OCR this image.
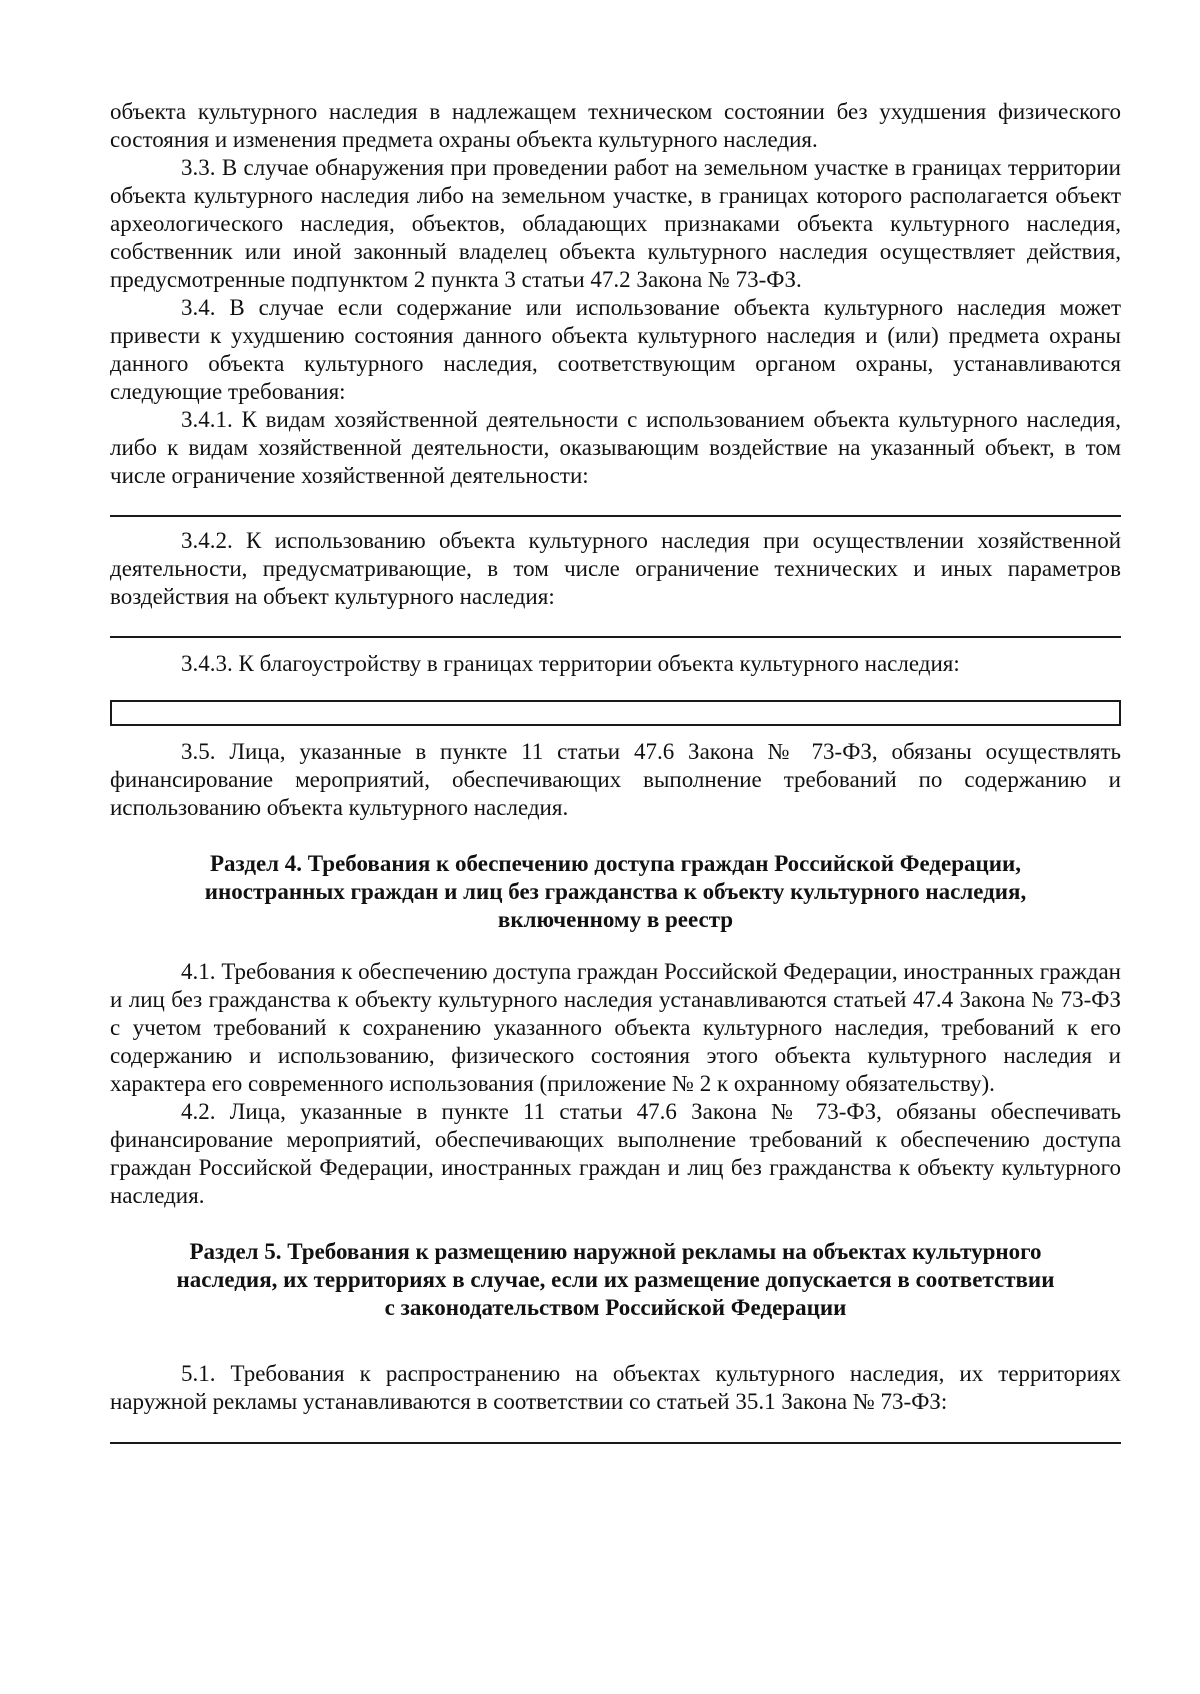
объекта культурного наследия в надлежащем техническом состоянии без ухудшения физического состояния и изменения предмета охраны объекта культурного наследия.

3.3. В случае обнаружения при проведении работ на земельном участке в границах территории объекта культурного наследия либо на земельном участке, в границах которого располагается объект археологического наследия, объектов, обладающих признаками объекта культурного наследия, собственник или иной законный владелец объекта культурного наследия осуществляет действия, предусмотренные подпунктом 2 пункта 3 статьи 47.2 Закона № 73-ФЗ.

3.4. В случае если содержание или использование объекта культурного наследия может привести к ухудшению состояния данного объекта культурного наследия и (или) предмета охраны данного объекта культурного наследия, соответствующим органом охраны, устанавливаются следующие требования:

3.4.1. К видам хозяйственной деятельности с использованием объекта культурного наследия, либо к видам хозяйственной деятельности, оказывающим воздействие на указанный объект, в том числе ограничение хозяйственной деятельности:

3.4.2. К использованию объекта культурного наследия при осуществлении хозяйственной деятельности, предусматривающие, в том числе ограничение технических и иных параметров воздействия на объект культурного наследия:

3.4.3. К благоустройству в границах территории объекта культурного наследия:

3.5. Лица, указанные в пункте 11 статьи 47.6 Закона № 73-ФЗ, обязаны осуществлять финансирование мероприятий, обеспечивающих выполнение требований по содержанию и использованию объекта культурного наследия.

Раздел 4. Требования к обеспечению доступа граждан Российской Федерации, иностранных граждан и лиц без гражданства к объекту культурного наследия, включенному в реестр

4.1. Требования к обеспечению доступа граждан Российской Федерации, иностранных граждан и лиц без гражданства к объекту культурного наследия устанавливаются статьей 47.4 Закона № 73-ФЗ с учетом требований к сохранению указанного объекта культурного наследия, требований к его содержанию и использованию, физического состояния этого объекта культурного наследия и характера его современного использования (приложение № 2 к охранному обязательству).

4.2. Лица, указанные в пункте 11 статьи 47.6 Закона № 73-ФЗ, обязаны обеспечивать финансирование мероприятий, обеспечивающих выполнение требований к обеспечению доступа граждан Российской Федерации, иностранных граждан и лиц без гражданства к объекту культурного наследия.

Раздел 5. Требования к размещению наружной рекламы на объектах культурного наследия, их территориях в случае, если их размещение допускается в соответствии с законодательством Российской Федерации

5.1. Требования к распространению на объектах культурного наследия, их территориях наружной рекламы устанавливаются в соответствии со статьей 35.1 Закона № 73-ФЗ:
